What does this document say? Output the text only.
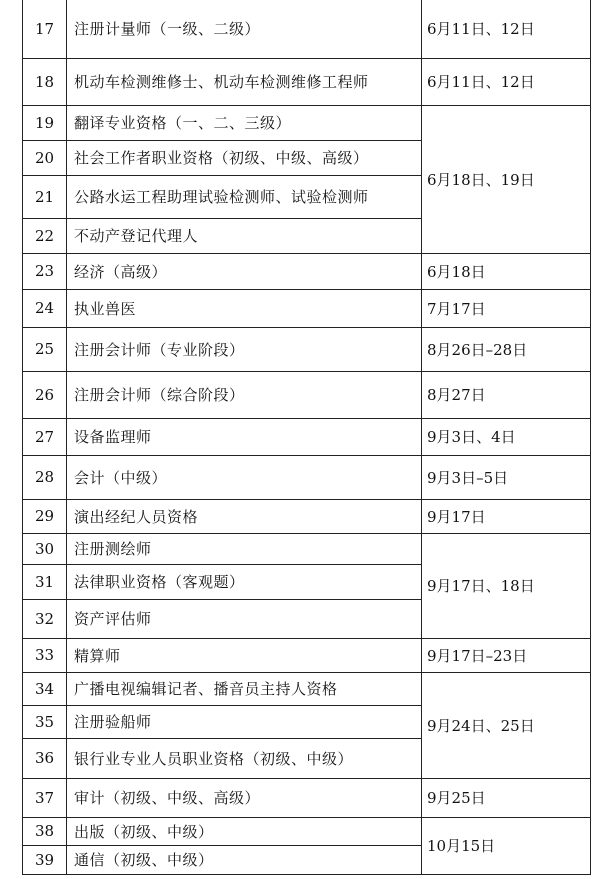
17	注册计量师（一级、二级）	6月11日、12日
18	机动车检测维修士、机动车检测维修工程师	6月11日、12日
19	翻译专业资格（一、二、三级）	6月18日、19日
20	社会工作者职业资格（初级、中级、高级）	
21	公路水运工程助理试验检测师、试验检测师	
22	不动产登记代理人	
23	经济（高级）	6月18日
24	执业兽医	7月17日
25	注册会计师（专业阶段）	8月26日–28日
26	注册会计师（综合阶段）	8月27日
27	设备监理师	9月3日、4日
28	会计（中级）	9月3日–5日
29	演出经纪人员资格	9月17日
30	注册测绘师	9月17日、18日
31	法律职业资格（客观题）	
32	资产评估师	
33	精算师	9月17日–23日
34	广播电视编辑记者、播音员主持人资格	9月24日、25日
35	注册验船师	
36	银行业专业人员职业资格（初级、中级）	
37	审计（初级、中级、高级）	9月25日
38	出版（初级、中级）	10月15日
39	通信（初级、中级）	
